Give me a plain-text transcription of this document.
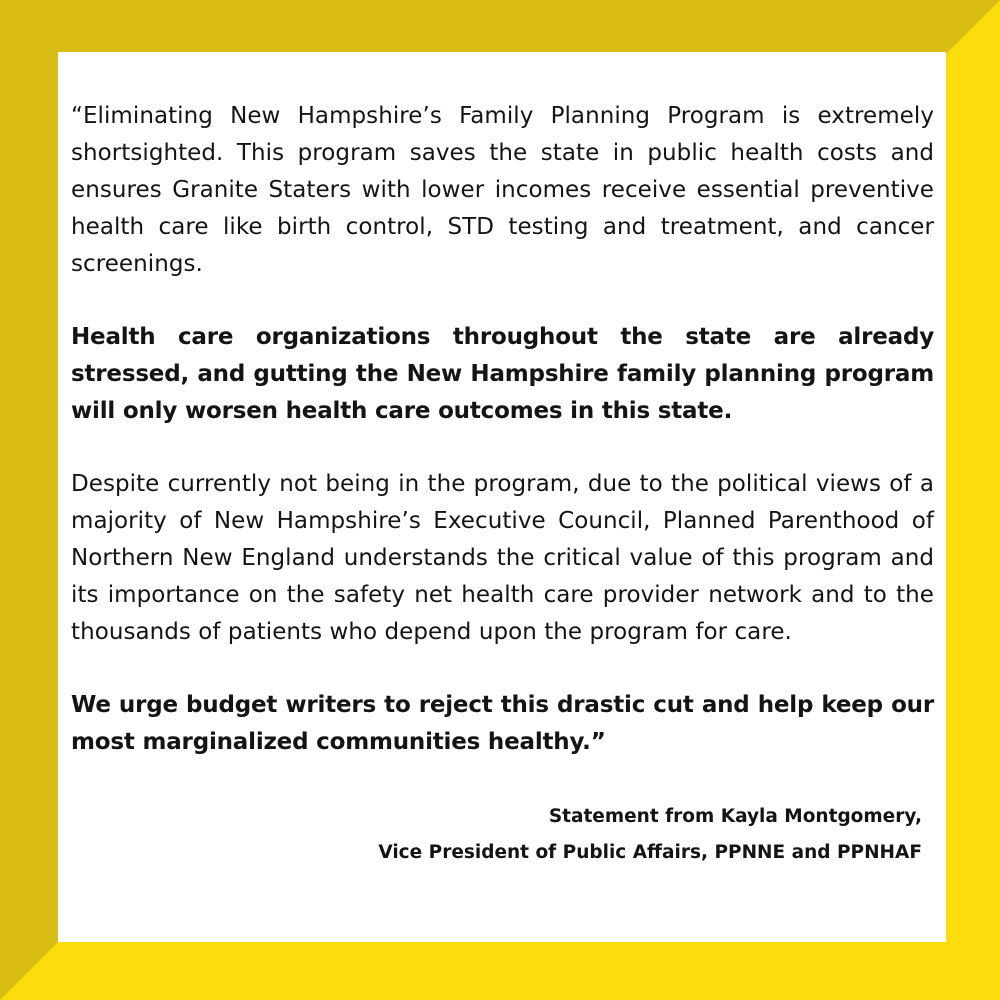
“Eliminating New Hampshire’s Family Planning Program is extremely shortsighted. This program saves the state in public health costs and ensures Granite Staters with lower incomes receive essential preventive health care like birth control, STD testing and treatment, and cancer screenings.

Health care organizations throughout the state are already stressed, and gutting the New Hampshire family planning program will only worsen health care outcomes in this state.

Despite currently not being in the program, due to the political views of a majority of New Hampshire’s Executive Council, Planned Parenthood of Northern New England understands the critical value of this program and its importance on the safety net health care provider network and to the thousands of patients who depend upon the program for care.

We urge budget writers to reject this drastic cut and help keep our most marginalized communities healthy.”

Statement from Kayla Montgomery,
Vice President of Public Affairs, PPNNE and PPNHAF
